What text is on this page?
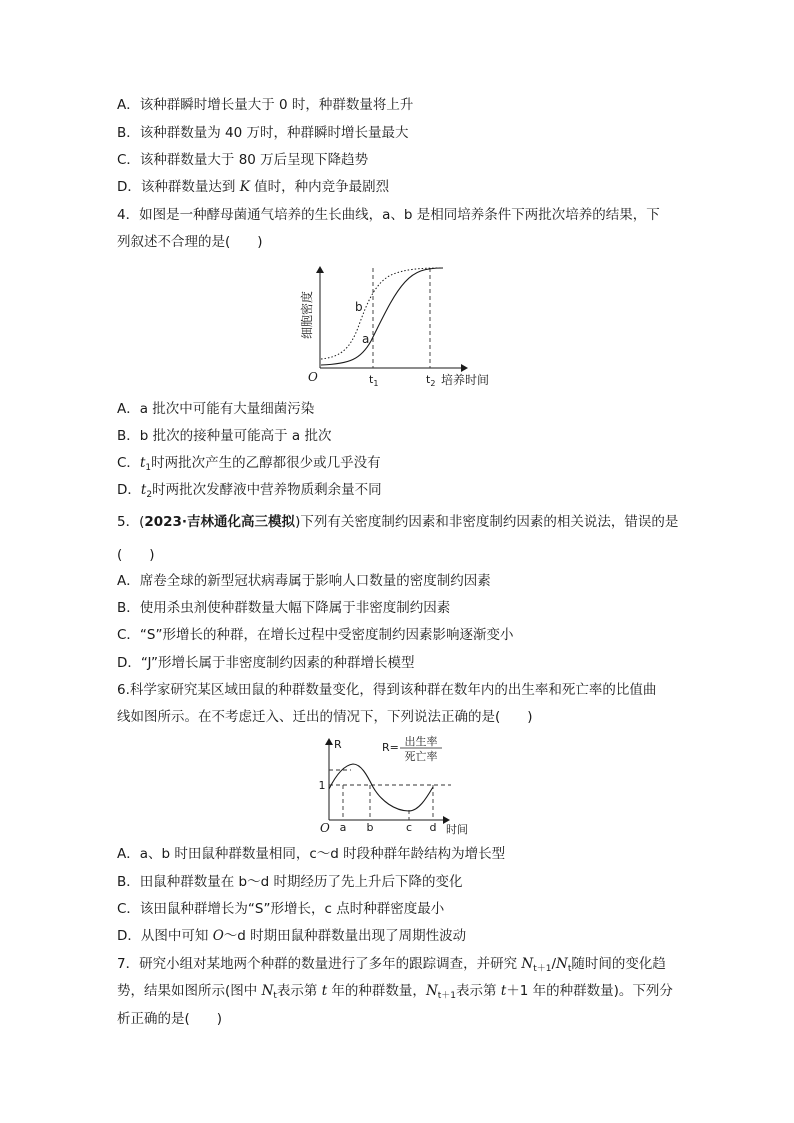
A．该种群瞬时增长量大于 0 时，种群数量将上升
B．该种群数量为 40 万时，种群瞬时增长量最大
C．该种群数量大于 80 万后呈现下降趋势
D．该种群数量达到 K 值时，种内竞争最剧烈
4．如图是一种酵母菌通气培养的生长曲线，a、b 是相同培养条件下两批次培养的结果，下
列叙述不合理的是(　　)
细胞密度	b
a
O	$t_1$	$t_2$ 培养时间
A．a 批次中可能有大量细菌污染
B．b 批次的接种量可能高于 a 批次
C．$t_1$时两批次产生的乙醇都很少或几乎没有
D．$t_2$时两批次发酵液中营养物质剩余量不同
5．(2023·吉林通化高三模拟)下列有关密度制约因素和非密度制约因素的相关说法，错误的是
(　　)
A．席卷全球的新型冠状病毒属于影响人口数量的密度制约因素
B．使用杀虫剂使种群数量大幅下降属于非密度制约因素
C．“S”形增长的种群，在增长过程中受密度制约因素影响逐渐变小
D．“J”形增长属于非密度制约因素的种群增长模型
6.科学家研究某区域田鼠的种群数量变化，得到该种群在数年内的出生率和死亡率的比值曲
线如图所示。在不考虑迁入、迁出的情况下，下列说法正确的是(　　)
R
1
R= 出生率
死亡率
O a b	c d 时间
A．a、b 时田鼠种群数量相同，c～d 时段种群年龄结构为增长型
B．田鼠种群数量在 b～d 时期经历了先上升后下降的变化
C．该田鼠种群增长为“S”形增长，c 点时种群密度最小
D．从图中可知 O～d 时期田鼠种群数量出现了周期性波动
7．研究小组对某地两个种群的数量进行了多年的跟踪调查，并研究 $N_{t+1}/N_t$随时间的变化趋
势，结果如图所示(图中 $N_t$表示第 t 年的种群数量，$N_{t+1}$表示第 t＋1 年的种群数量)。下列分
析正确的是(　　)
